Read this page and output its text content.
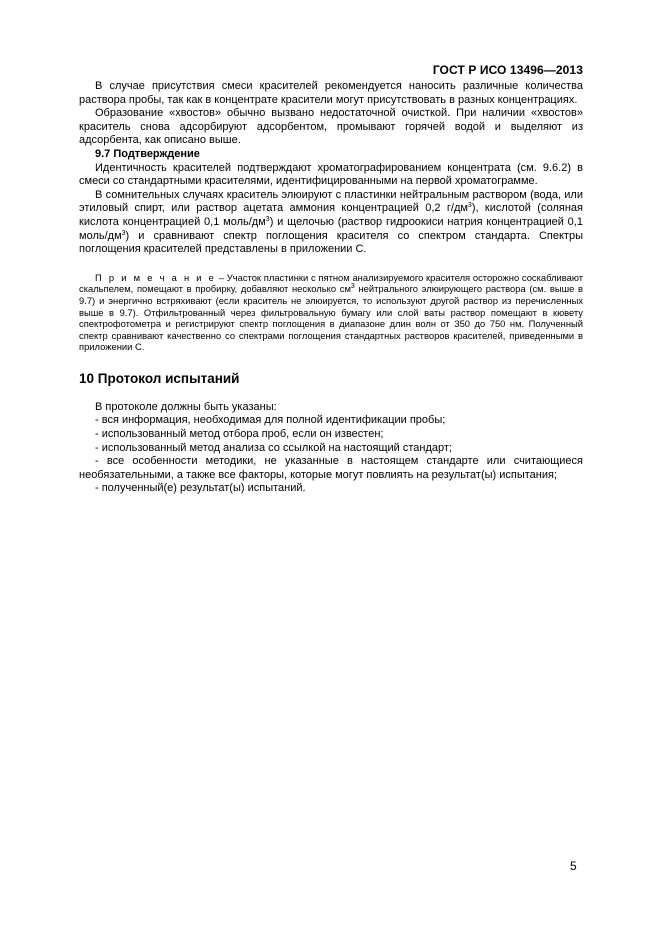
ГОСТ Р ИСО 13496—2013

В случае присутствия смеси красителей рекомендуется наносить различные количества раствора пробы, так как в концентрате красители могут присутствовать в разных концентрациях.

Образование «хвостов» обычно вызвано недостаточной очисткой. При наличии «хвостов» краситель снова адсорбируют адсорбентом, промывают горячей водой и выделяют из адсорбента, как описано выше.

9.7 Подтверждение

Идентичность красителей подтверждают хроматографированием концентрата (см. 9.6.2) в смеси со стандартными красителями, идентифицированными на первой хроматограмме.

В сомнительных случаях краситель элюируют с пластинки нейтральным раствором (вода, или этиловый спирт, или раствор ацетата аммония концентрацией 0,2 $г/дм^3$), кислотой (соляная кислота концентрацией 0,1 моль/$дм^3$) и щелочью (раствор гидроокиси натрия концентрацией 0,1 моль/$дм^3$) и сравнивают спектр поглощения красителя со спектром стандарта. Спектры поглощения красителей представлены в приложении С.

П р и м е ч а н и е – Участок пластинки с пятном анализируемого красителя осторожно соскабливают скальпелем, помещают в пробирку, добавляют несколько $см^3$ нейтрального элюирующего раствора (см. выше в 9.7) и энергично встряхивают (если краситель не элюируется, то используют другой раствор из перечисленных выше в 9.7). Отфильтрованный через фильтровальную бумагу или слой ваты раствор помещают в кювету спектрофотометра и регистрируют спектр поглощения в диапазоне длин волн от 350 до 750 нм. Полученный спектр сравнивают качественно со спектрами поглощения стандартных растворов красителей, приведенными в приложении С.

10 Протокол испытаний

В протоколе должны быть указаны:

- вся информация, необходимая для полной идентификации пробы;

- использованный метод отбора проб, если он известен;

- использованный метод анализа со ссылкой на настоящий стандарт;

- все особенности методики, не указанные в настоящем стандарте или считающиеся необязательными, а также все факторы, которые могут повлиять на результат(ы) испытания;

- полученный(е) результат(ы) испытаний.

5
